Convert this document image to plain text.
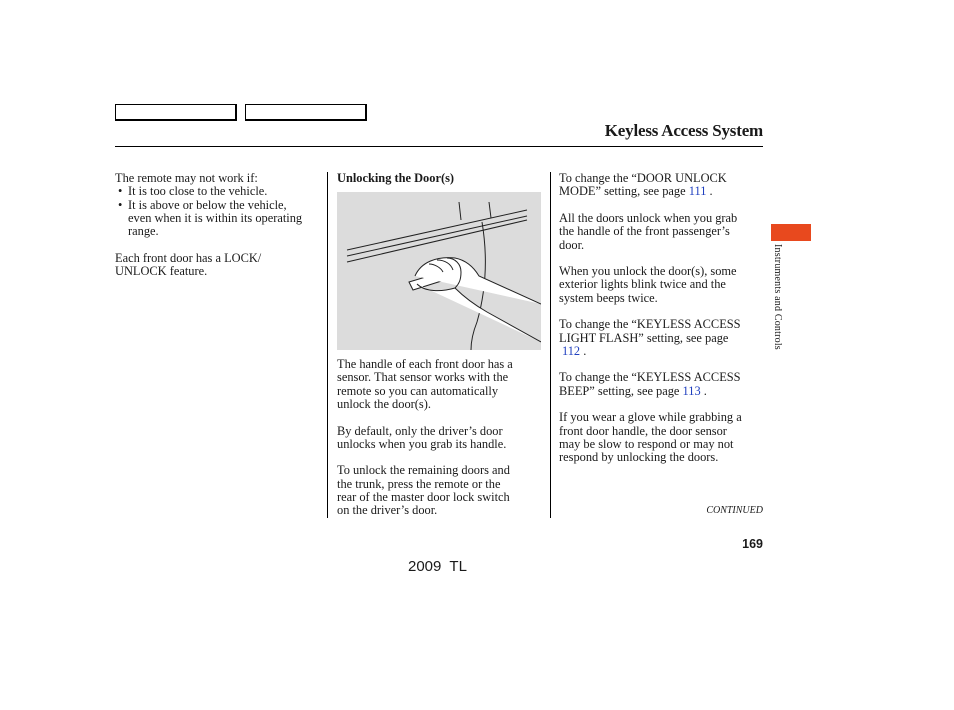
Keyless Access System
The remote may not work if:
• It is too close to the vehicle.
• It is above or below the vehicle,
even when it is within its operating
range.
Each front door has a LOCK/
UNLOCK feature.
Unlocking the Door(s)
The handle of each front door has a
sensor. That sensor works with the
remote so you can automatically
unlock the door(s).
By default, only the driver’s door
unlocks when you grab its handle.
To unlock the remaining doors and
the trunk, press the remote or the
rear of the master door lock switch
on the driver’s door.
To change the “DOOR UNLOCK
MODE” setting, see page 111 .
All the doors unlock when you grab
the handle of the front passenger’s
door.
When you unlock the door(s), some
exterior lights blink twice and the
system beeps twice.
To change the “KEYLESS ACCESS
LIGHT FLASH” setting, see page
112 .
To change the “KEYLESS ACCESS
BEEP” setting, see page 113 .
If you wear a glove while grabbing a
front door handle, the door sensor
may be slow to respond or may not
respond by unlocking the doors.
Instruments and Controls
CONTINUED
169
2009  TL
